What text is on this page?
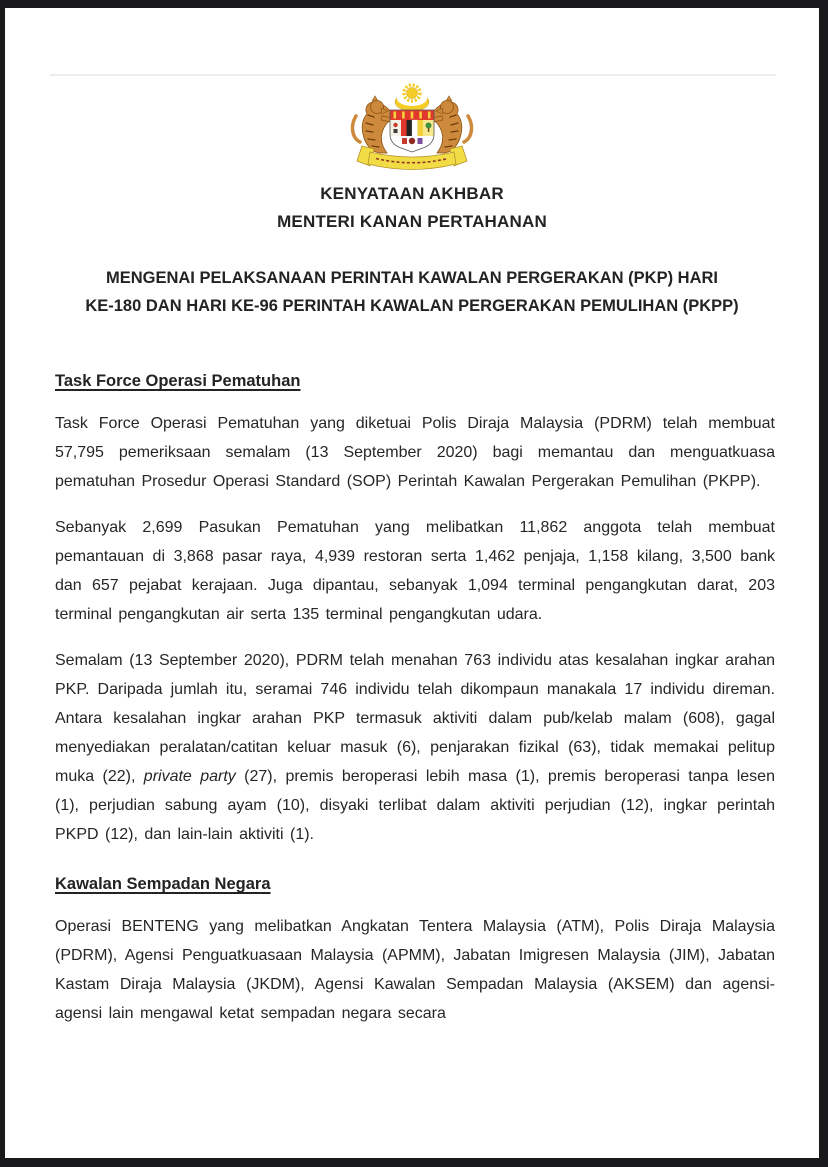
KENYATAAN AKHBAR
MENTERI KANAN PERTAHANAN
MENGENAI PELAKSANAAN PERINTAH KAWALAN PERGERAKAN (PKP) HARI
KE-180 DAN HARI KE-96 PERINTAH KAWALAN PERGERAKAN PEMULIHAN (PKPP)
Task Force Operasi Pematuhan

Task Force Operasi Pematuhan yang diketuai Polis Diraja Malaysia (PDRM) telah membuat 57,795 pemeriksaan semalam (13 September 2020) bagi memantau dan menguatkuasa pematuhan Prosedur Operasi Standard (SOP) Perintah Kawalan Pergerakan Pemulihan (PKPP).

Sebanyak 2,699 Pasukan Pematuhan yang melibatkan 11,862 anggota telah membuat pemantauan di 3,868 pasar raya, 4,939 restoran serta 1,462 penjaja, 1,158 kilang, 3,500 bank dan 657 pejabat kerajaan. Juga dipantau, sebanyak 1,094 terminal pengangkutan darat, 203 terminal pengangkutan air serta 135 terminal pengangkutan udara.

Semalam (13 September 2020), PDRM telah menahan 763 individu atas kesalahan ingkar arahan PKP. Daripada jumlah itu, seramai 746 individu telah dikompaun manakala 17 individu direman. Antara kesalahan ingkar arahan PKP termasuk aktiviti dalam pub/kelab malam (608), gagal menyediakan peralatan/catitan keluar masuk (6), penjarakan fizikal (63), tidak memakai pelitup muka (22), private party (27), premis beroperasi lebih masa (1), premis beroperasi tanpa lesen (1), perjudian sabung ayam (10), disyaki terlibat dalam aktiviti perjudian (12), ingkar perintah PKPD (12), dan lain-lain aktiviti (1).

Kawalan Sempadan Negara

Operasi BENTENG yang melibatkan Angkatan Tentera Malaysia (ATM), Polis Diraja Malaysia (PDRM), Agensi Penguatkuasaan Malaysia (APMM), Jabatan Imigresen Malaysia (JIM), Jabatan Kastam Diraja Malaysia (JKDM), Agensi Kawalan Sempadan Malaysia (AKSEM) dan agensi-agensi lain mengawal ketat sempadan negara secara
